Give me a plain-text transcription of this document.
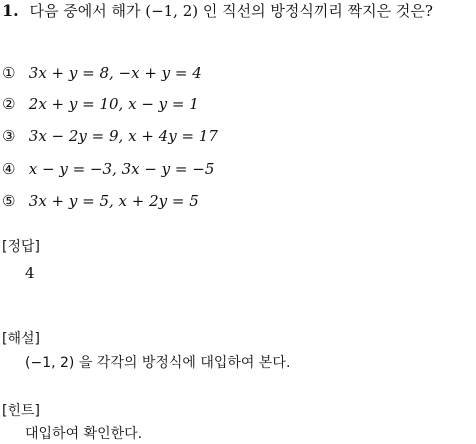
1. 다음 중에서 해가 (−1, 2) 인 직선의 방정식끼리 짝지은 것은?
① 3x + y = 8, −x + y = 4
② 2x + y = 10, x − y = 1
③ 3x − 2y = 9, x + 4y = 17
④ x − y = −3, 3x − y = −5
⑤ 3x + y = 5, x + 2y = 5
[정답]
4
[해설]
(−1, 2) 을 각각의 방정식에 대입하여 본다.
[힌트]
대입하여 확인한다.
